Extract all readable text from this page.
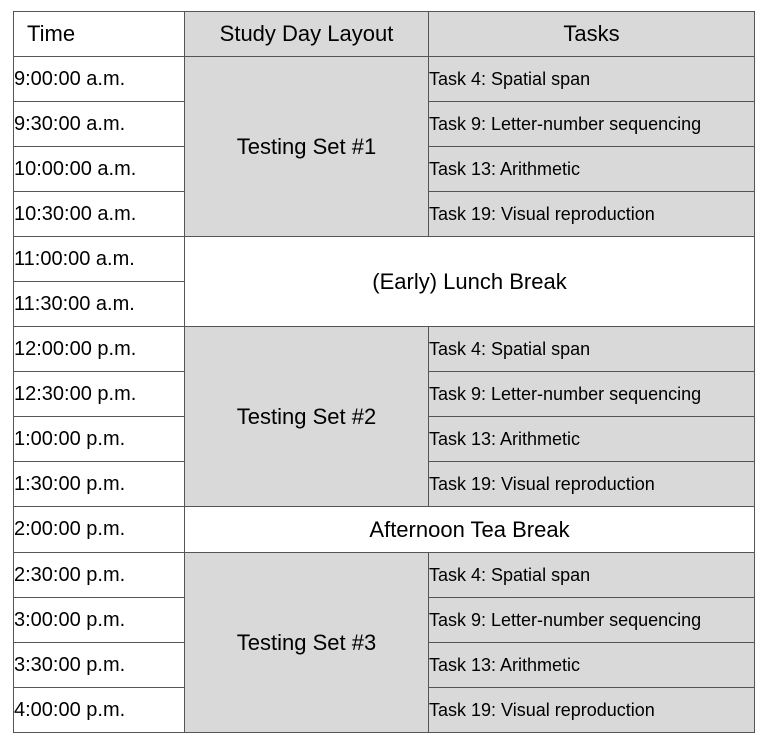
Time	Study Day Layout	Tasks
9:00:00 a.m.	Testing Set #1	Task 4: Spatial span
9:30:00 a.m.		Task 9: Letter-number sequencing
10:00:00 a.m.		Task 13: Arithmetic
10:30:00 a.m.		Task 19: Visual reproduction
11:00:00 a.m.	(Early) Lunch Break	
11:30:00 a.m.		
12:00:00 p.m.	Testing Set #2	Task 4: Spatial span
12:30:00 p.m.		Task 9: Letter-number sequencing
1:00:00 p.m.		Task 13: Arithmetic
1:30:00 p.m.		Task 19: Visual reproduction
2:00:00 p.m.	Afternoon Tea Break	
2:30:00 p.m.	Testing Set #3	Task 4: Spatial span
3:00:00 p.m.		Task 9: Letter-number sequencing
3:30:00 p.m.		Task 13: Arithmetic
4:00:00 p.m.		Task 19: Visual reproduction
